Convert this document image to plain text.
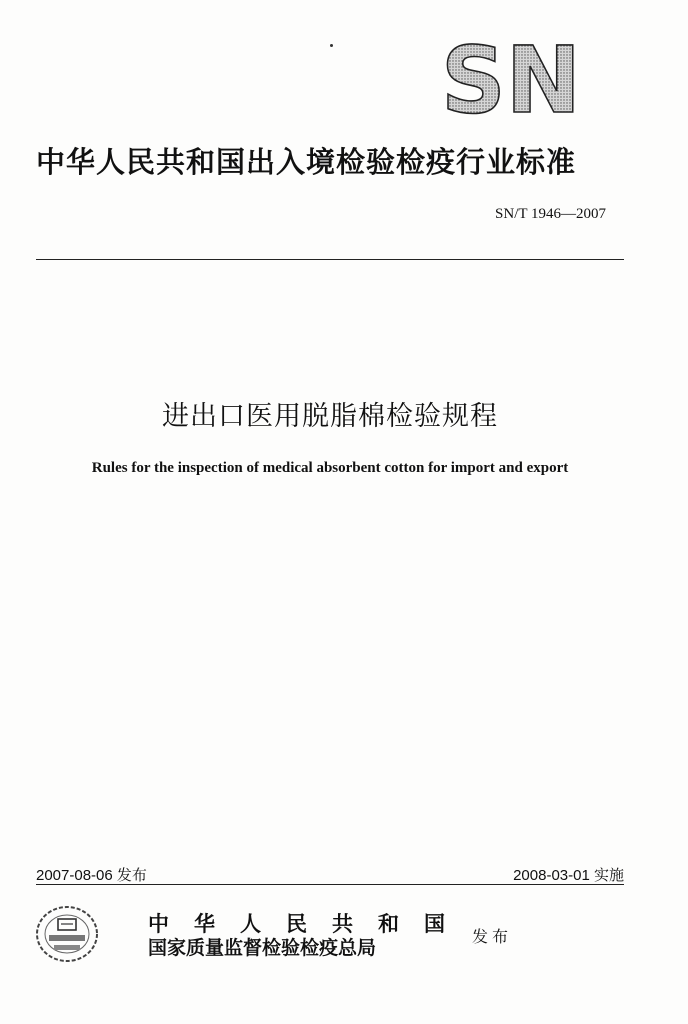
SN
中华人民共和国出入境检验检疫行业标准
SN/T 1946—2007
进出口医用脱脂棉检验规程
Rules for the inspection of medical absorbent cotton for import and export
2007-08-06 发布	2008-03-01 实施
中华人民共和国
国家质量监督检验检疫总局
发布
